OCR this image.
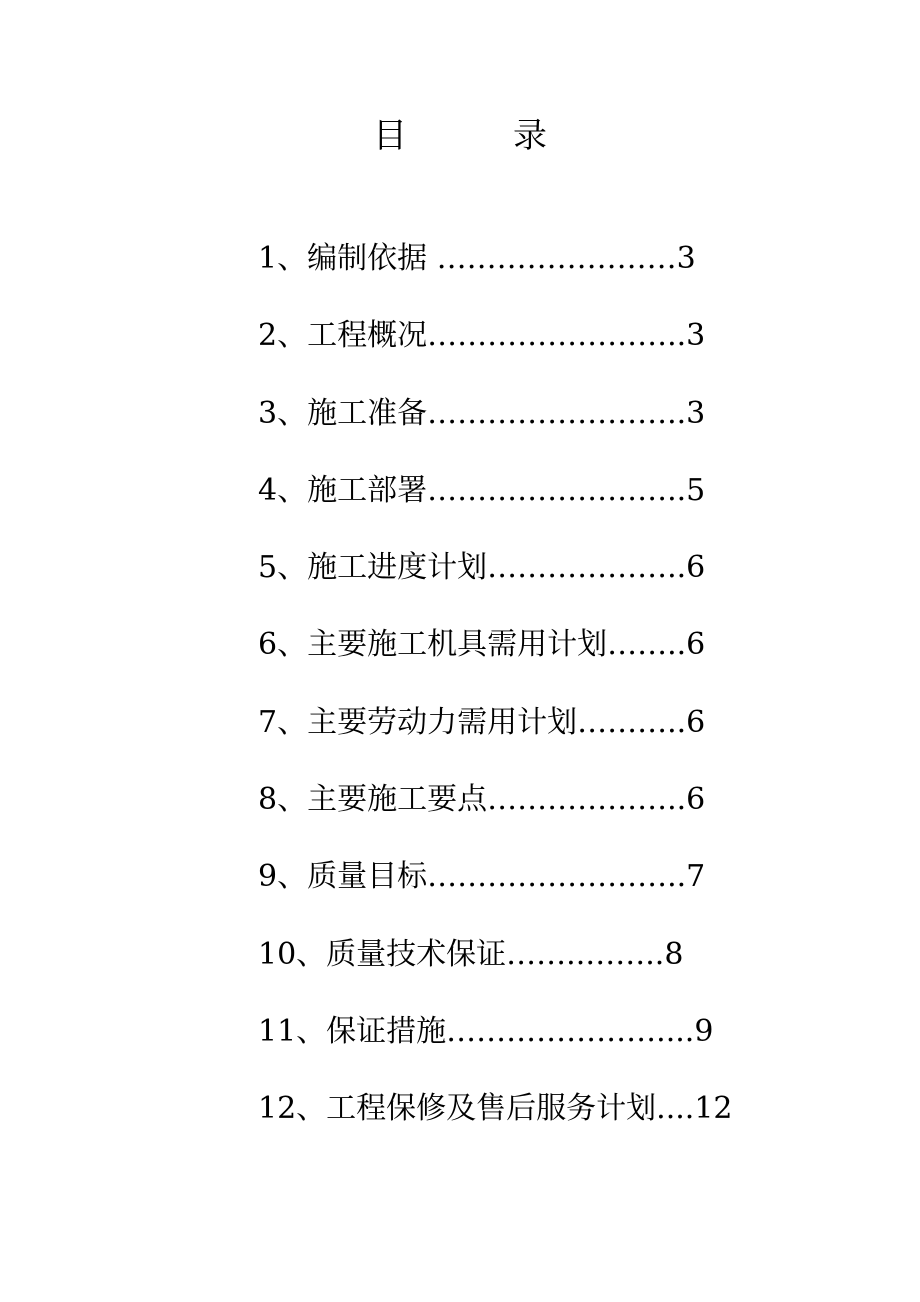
目　录
1、编制依据 ……………………3
2、工程概况……………………..3
3、施工准备……………………..3
4、施工部署……………………..5
5、施工进度计划………………..6
6、主要施工机具需用计划……..6
7、主要劳动力需用计划………..6
8、主要施工要点………………..6
9、质量目标……………………..7
10、质量技术保证……..……..8
11、保证措施…………………....9
12、工程保修及售后服务计划....12
